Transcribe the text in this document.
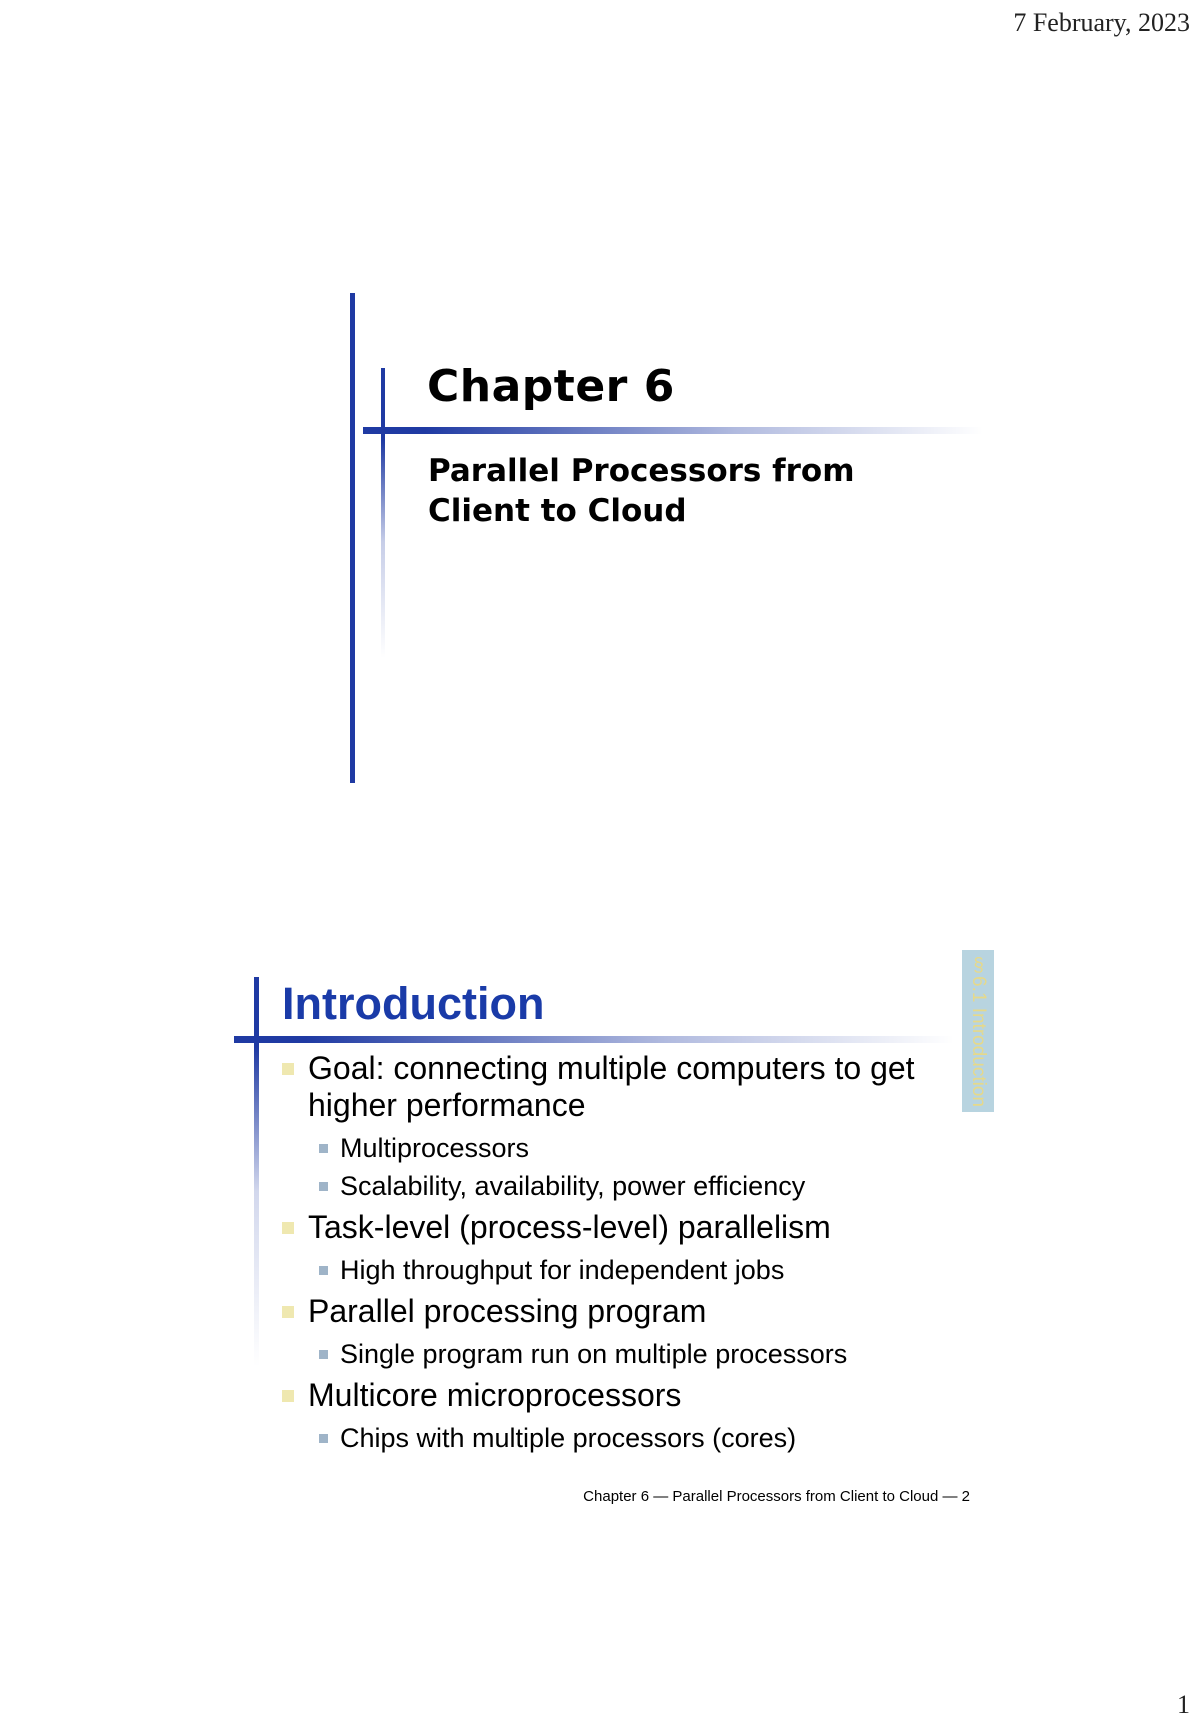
7 February, 2023
Chapter 6
Parallel Processors from Client to Cloud
Introduction	§6.1 Introduction
Goal: connecting multiple computers to get higher performance
Multiprocessors
Scalability, availability, power efficiency
Task-level (process-level) parallelism
High throughput for independent jobs
Parallel processing program
Single program run on multiple processors
Multicore microprocessors
Chips with multiple processors (cores)
Chapter 6 — Parallel Processors from Client to Cloud — 2
1
